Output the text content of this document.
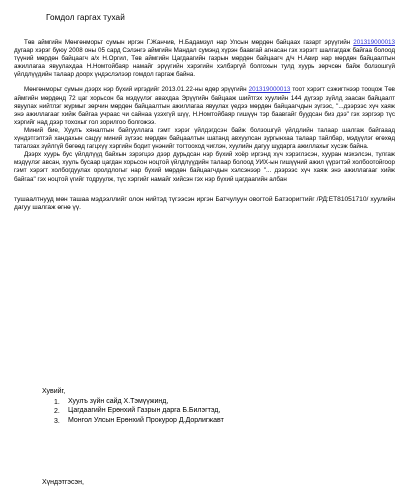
Гомдол гаргах тухай

Төв аймгийн Мөнгөнморьт сумын иргэн Г.Жанчив, Н.Бадамзул нар Улсын мөрдөн байцаах газарт эрүүгийн 201319000013 дугаар хэрэг буюу 2008 оны 05 сард Сэлэнгэ аймгийн Мандал сумэнд хүрэн баавгай агнасан гэх хэрэгт шалгагдаж байгаа болоод түүний мөрдөн байцаагч а/х Н.Оргил, Төв аймгийн Цагдаагийн газрын мөрдөн байцаагч д/ч Н.Авир нар мөрдөн байцаалтын ажиллагаа явуулахдаа Н.Номтойбаяр намайг эрүүгийн хэрэгийн хэлбэргүй болгохын тулд хуурь зөрчсөн байж болзошгүй үйлдлүүдийн талаар доорх үндэслэлээр гомдол гаргаж байна.

Мөнгөнморьт сумын дээрх нэр бүхий иргэдийг 2013.01.22-ны өдөр эрүүгийн 201319000013 тоот хэрэгт сэжигтнээр тооцож Төв аймгийн мөрдөнд 72 цаг хорьсон ба мэдүүлэг авахдаа Эрүүгийн байцааж шийтгэх хуулийн 144 дүгээр зүйлд заасан байцаалт явуулах нийтлэг журмыг зөрчин мөрдөн байцаалтын ажиллагаа явуулах үедээ мөрдөн байцаагчдын зүгээс, "...дээрээс хүч хаяж энэ ажиллагааг хийж байгаа учраас чи сайнаа үзэхгүй шүү, Н.Номтойбаяр гишүүн тэр баавгайг буудсан биз дээ" гэх зэргээр түс хэргийг над дээр тохохыг гол зорилгоо болгожээ.

Миний бие, Хуулъ хяналтын байгууллага гэмт хэрэг үйлдэгдсэн байж болзошгүй үйлдлийн талаар шалгаж байгааад хүндэтгэлтэй хандахын сацуу миний зүгээс мөрдөн байцаалтын шатанд авхуулсан зургынхаа талаар тайлбар, мэдүүлэг өгөхөд таталзах зүйлгүй бөгөөд гагцхүү хэргийн бодит үнэнийг тогтооход чиглэн, хуулийн дагуу шударга ажиллахыг хүсэж байна.

Дээрх хуурь бус үйлдлүүд байхын зэрэгцээ дээр дурьдсан нэр бүхий хоёр иргэнд хүч хэрэглэсэн, хууран мэхэлсэн, тулгаж мэдүүлэг авсан, хууль бусаар цагдан хорьсон ноцтой үйлдлүүдийн талаар болоод УИХ-ын гишүүний ажил үүрэгтэй холбоотойгоор гэмт хэрэгт холбогдуулах оролдлогыг нар бүхий мөрдөн байцаагчдын хэлсэнээр "... дээрээс хүч хаяж энэ ажиллагааг хийж байгаа" гэх ноцтой үгийг тодруулж, түс хэргийг намайг хийсэн гэх нэр бүхий цагдаагийн албан

тушаалтнууд мөн ташаа мэдээллийг олон нийтэд түгээсэн иргэн Батчулуун овогтой Батзоригтийг /РД:ЕТ81051710/ хуулийн дагуу шалгаж өгнө үү.

Хувийг,
1. Хуулъ зүйн сайд Х.Тэмүүжинд,
2. Цагдаагийн Ерөнхий Газрын дарга Б.Билэгтэд,
3. Монгол Улсын Ерөнхий Прокурор Д.Дорлигжавт
Хүндэтгэсэн,
